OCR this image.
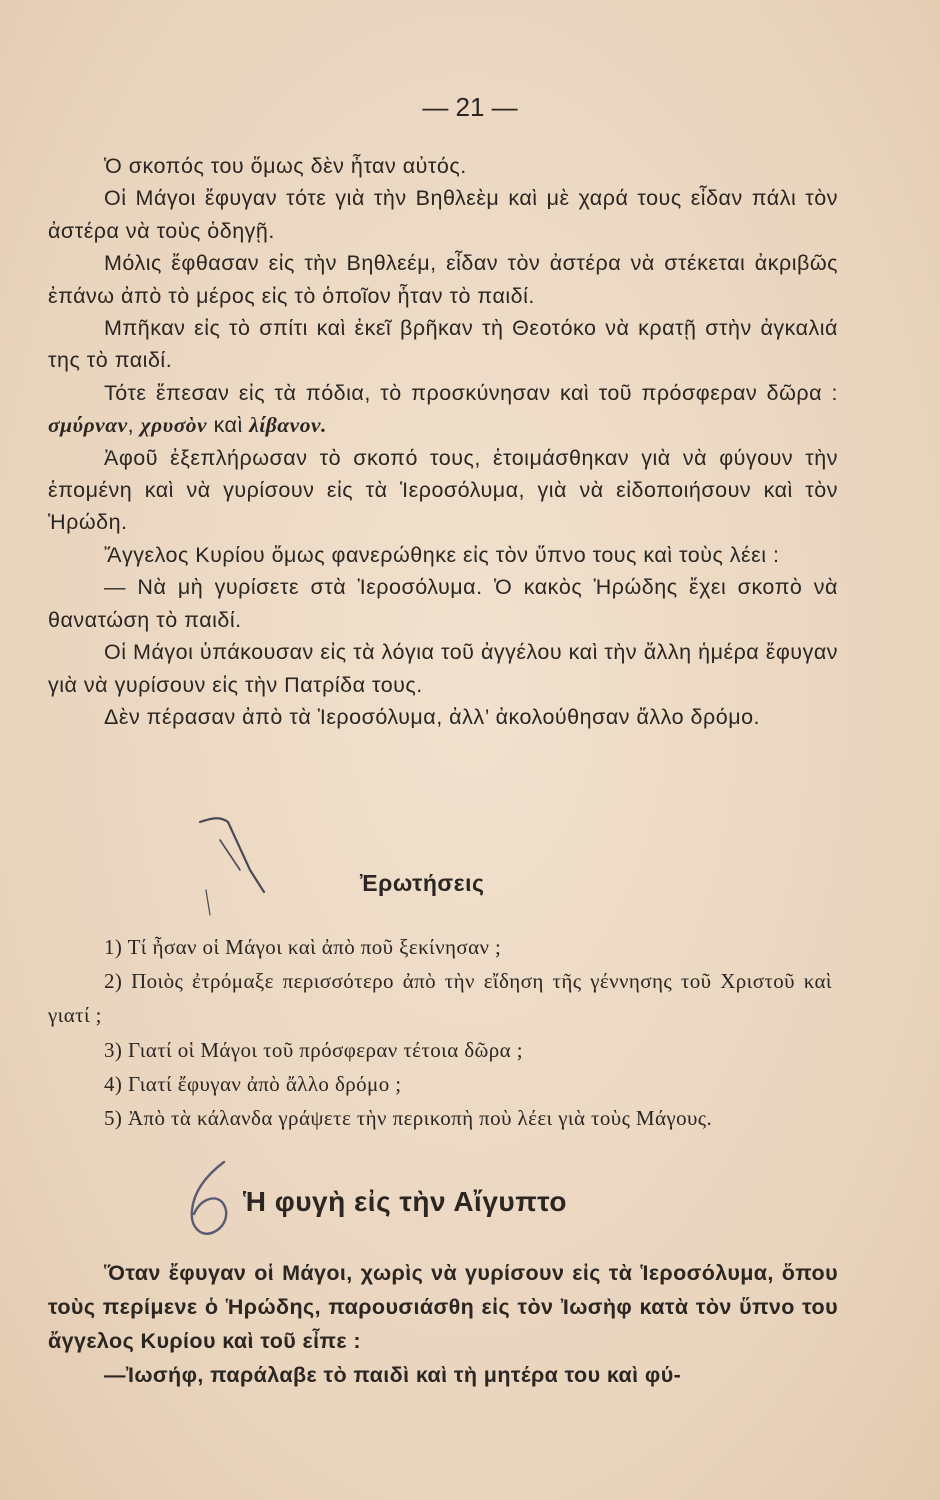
— 21 —

Ὁ σκοπός του ὅμως δὲν ἦταν αὐτός.

Οἱ Μάγοι ἔφυγαν τότε γιὰ τὴν Βηθλεὲμ καὶ μὲ χαρά τους εἶδαν πάλι τὸν ἀστέρα νὰ τοὺς ὁδηγῇ.

Μόλις ἔφθασαν εἰς τὴν Βηθλεέμ, εἶδαν τὸν ἀστέρα νὰ στέκεται ἀκριβῶς ἐπάνω ἀπὸ τὸ μέρος εἰς τὸ ὁποῖον ἦταν τὸ παιδί.

Μπῆκαν εἰς τὸ σπίτι καὶ ἐκεῖ βρῆκαν τὴ Θεοτόκο νὰ κρατῇ στὴν ἀγκαλιά της τὸ παιδί.

Τότε ἔπεσαν εἰς τὰ πόδια, τὸ προσκύνησαν καὶ τοῦ πρόσφεραν δῶρα : σμύρναν, χρυσὸν καὶ λίβανον.

Ἀφοῦ ἐξεπλήρωσαν τὸ σκοπό τους, ἑτοιμάσθηκαν γιὰ νὰ φύγουν τὴν ἑπομένη καὶ νὰ γυρίσουν εἰς τὰ Ἱεροσόλυμα, γιὰ νὰ εἰδοποιήσουν καὶ τὸν Ἡρώδη.

Ἄγγελος Κυρίου ὅμως φανερώθηκε εἰς τὸν ὕπνο τους καὶ τοὺς λέει :

— Νὰ μὴ γυρίσετε στὰ Ἱεροσόλυμα. Ὁ κακὸς Ἡρώδης ἔχει σκοπὸ νὰ θανατώση τὸ παιδί.

Οἱ Μάγοι ὑπάκουσαν εἰς τὰ λόγια τοῦ ἀγγέλου καὶ τὴν ἄλλη ἡμέρα ἔφυγαν γιὰ νὰ γυρίσουν εἰς τὴν Πατρίδα τους.

Δὲν πέρασαν ἀπὸ τὰ Ἱεροσόλυμα, ἀλλ’ ἀκολούθησαν ἄλλο δρόμο.

Ἐρωτήσεις

1) Τί ἦσαν οἱ Μάγοι καὶ ἀπὸ ποῦ ξεκίνησαν ;

2) Ποιὸς ἐτρόμαξε περισσότερο ἀπὸ τὴν εἴδηση τῆς γέννησης τοῦ Χριστοῦ καὶ γιατί ;

3) Γιατί οἱ Μάγοι τοῦ πρόσφεραν τέτοια δῶρα ;

4) Γιατί ἔφυγαν ἀπὸ ἄλλο δρόμο ;

5) Ἀπὸ τὰ κάλανδα γράψετε τὴν περικοπὴ ποὺ λέει γιὰ τοὺς Μάγους.

6 Ἡ φυγὴ εἰς τὴν Αἴγυπτο

Ὅταν ἔφυγαν οἱ Μάγοι, χωρὶς νὰ γυρίσουν εἰς τὰ Ἱεροσόλυμα, ὅπου τοὺς περίμενε ὁ Ἡρώδης, παρουσιάσθη εἰς τὸν Ἰωσὴφ κατὰ τὸν ὕπνο του ἄγγελος Κυρίου καὶ τοῦ εἶπε :

—Ἰωσήφ, παράλαβε τὸ παιδὶ καὶ τὴ μητέρα του καὶ φύ-
